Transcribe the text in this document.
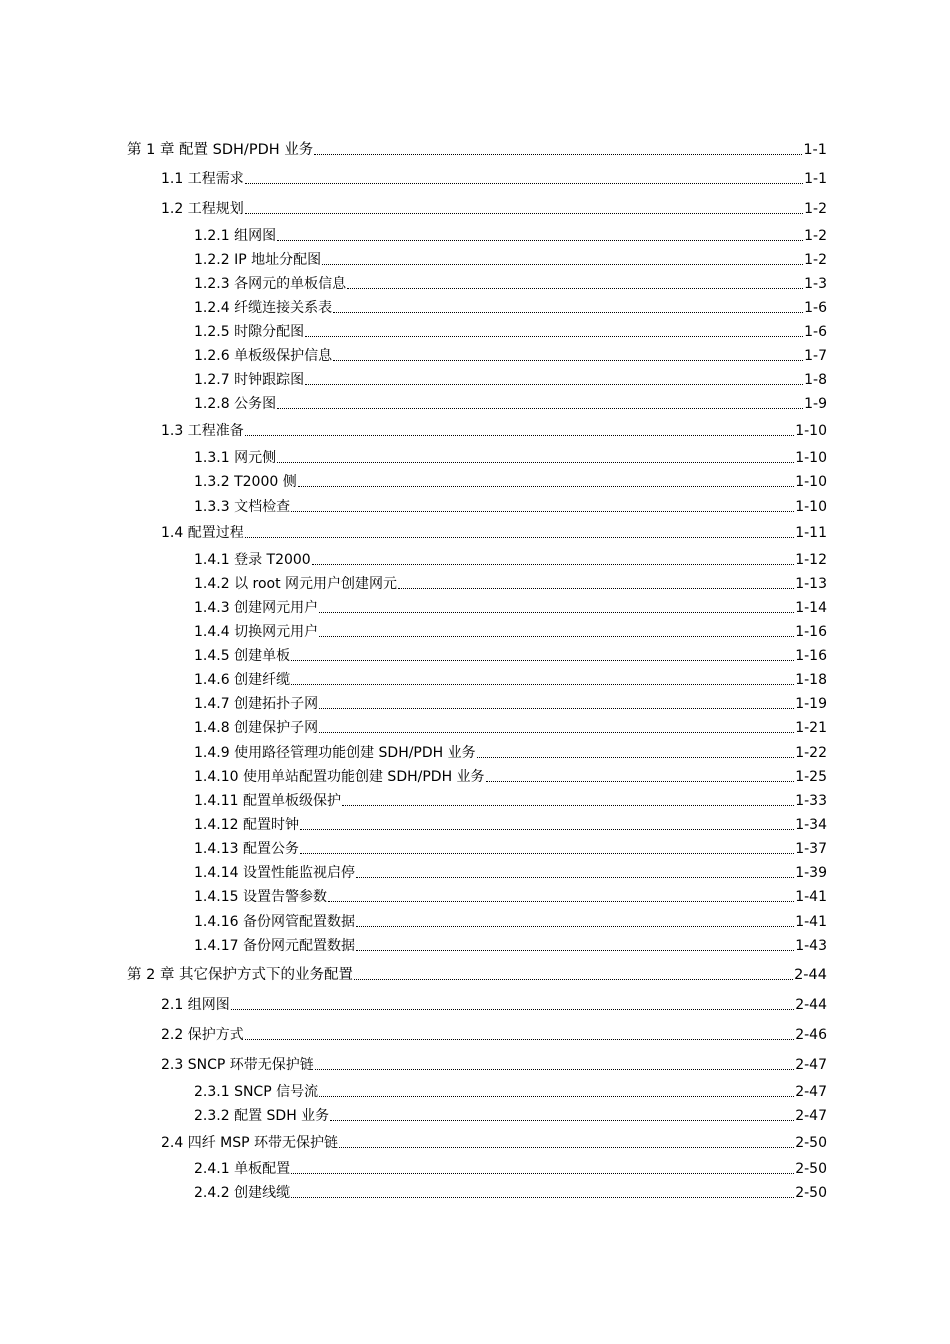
第 1 章 配置 SDH/PDH 业务	1-1
1.1 工程需求	1-1
1.2 工程规划	1-2
1.2.1 组网图	1-2
1.2.2 IP 地址分配图	1-2
1.2.3 各网元的单板信息	1-3
1.2.4 纤缆连接关系表	1-6
1.2.5 时隙分配图	1-6
1.2.6 单板级保护信息	1-7
1.2.7 时钟跟踪图	1-8
1.2.8 公务图	1-9
1.3 工程准备	1-10
1.3.1 网元侧	1-10
1.3.2 T2000 侧	1-10
1.3.3 文档检查	1-10
1.4 配置过程	1-11
1.4.1 登录 T2000	1-12
1.4.2 以 root 网元用户创建网元	1-13
1.4.3 创建网元用户	1-14
1.4.4 切换网元用户	1-16
1.4.5 创建单板	1-16
1.4.6 创建纤缆	1-18
1.4.7 创建拓扑子网	1-19
1.4.8 创建保护子网	1-21
1.4.9 使用路径管理功能创建 SDH/PDH 业务	1-22
1.4.10 使用单站配置功能创建 SDH/PDH 业务	1-25
1.4.11 配置单板级保护	1-33
1.4.12 配置时钟	1-34
1.4.13 配置公务	1-37
1.4.14 设置性能监视启停	1-39
1.4.15 设置告警参数	1-41
1.4.16 备份网管配置数据	1-41
1.4.17 备份网元配置数据	1-43
第 2 章 其它保护方式下的业务配置	2-44
2.1 组网图	2-44
2.2 保护方式	2-46
2.3 SNCP 环带无保护链	2-47
2.3.1 SNCP 信号流	2-47
2.3.2 配置 SDH 业务	2-47
2.4 四纤 MSP 环带无保护链	2-50
2.4.1 单板配置	2-50
2.4.2 创建线缆	2-50
